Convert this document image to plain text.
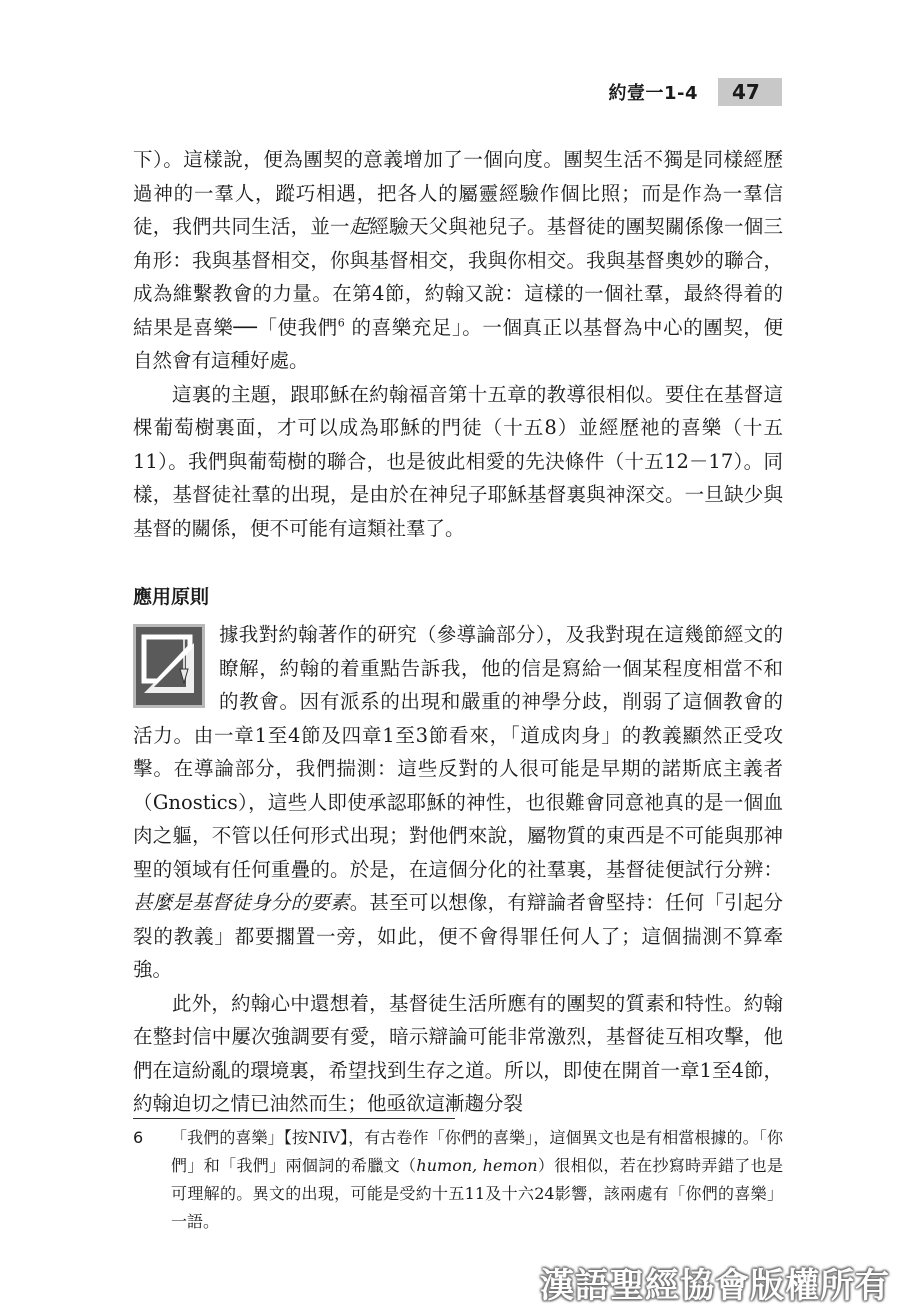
約壹一1-4	47

下）。這樣說，便為團契的意義增加了一個向度。團契生活不獨是同樣經歷過神的一羣人，蹤巧相遇，把各人的屬靈經驗作個比照；而是作為一羣信徒，我們共同生活，並一起經驗天父與祂兒子。基督徒的團契關係像一個三角形：我與基督相交，你與基督相交，我與你相交。我與基督奧妙的聯合，成為維繫教會的力量。在第4節，約翰又說：這樣的一個社羣，最終得着的結果是喜樂──「使我們$^6$ 的喜樂充足」。一個真正以基督為中心的團契，便自然會有這種好處。

這裏的主題，跟耶穌在約翰福音第十五章的教導很相似。要住在基督這棵葡萄樹裏面，才可以成為耶穌的門徒（十五8）並經歷祂的喜樂（十五11）。我們與葡萄樹的聯合，也是彼此相愛的先決條件（十五12－17）。同樣，基督徒社羣的出現，是由於在神兒子耶穌基督裏與神深交。一旦缺少與基督的關係，便不可能有這類社羣了。

應用原則

據我對約翰著作的研究（參導論部分），及我對現在這幾節經文的瞭解，約翰的着重點告訴我，他的信是寫給一個某程度相當不和的教會。因有派系的出現和嚴重的神學分歧，削弱了這個教會的活力。由一章1至4節及四章1至3節看來，「道成肉身」的教義顯然正受攻擊。在導論部分，我們揣測：這些反對的人很可能是早期的諾斯底主義者（Gnostics），這些人即使承認耶穌的神性，也很難會同意祂真的是一個血肉之軀，不管以任何形式出現；對他們來說，屬物質的東西是不可能與那神聖的領域有任何重疊的。於是，在這個分化的社羣裏，基督徒便試行分辨：甚麼是基督徒身分的要素。甚至可以想像，有辯論者會堅持：任何「引起分裂的教義」都要擱置一旁，如此，便不會得罪任何人了；這個揣測不算牽強。

此外，約翰心中還想着，基督徒生活所應有的團契的質素和特性。約翰在整封信中屢次強調要有愛，暗示辯論可能非常激烈，基督徒互相攻擊，他們在這紛亂的環境裏，希望找到生存之道。所以，即使在開首一章1至4節，約翰迫切之情已油然而生；他亟欲這漸趨分裂

6	「我們的喜樂」【按NIV】，有古卷作「你們的喜樂」，這個異文也是有相當根據的。「你們」和「我們」兩個詞的希臘文（humon, hemon）很相似，若在抄寫時弄錯了也是可理解的。異文的出現，可能是受約十五11及十六24影響，該兩處有「你們的喜樂」一語。
漢語聖經協會版權所有
